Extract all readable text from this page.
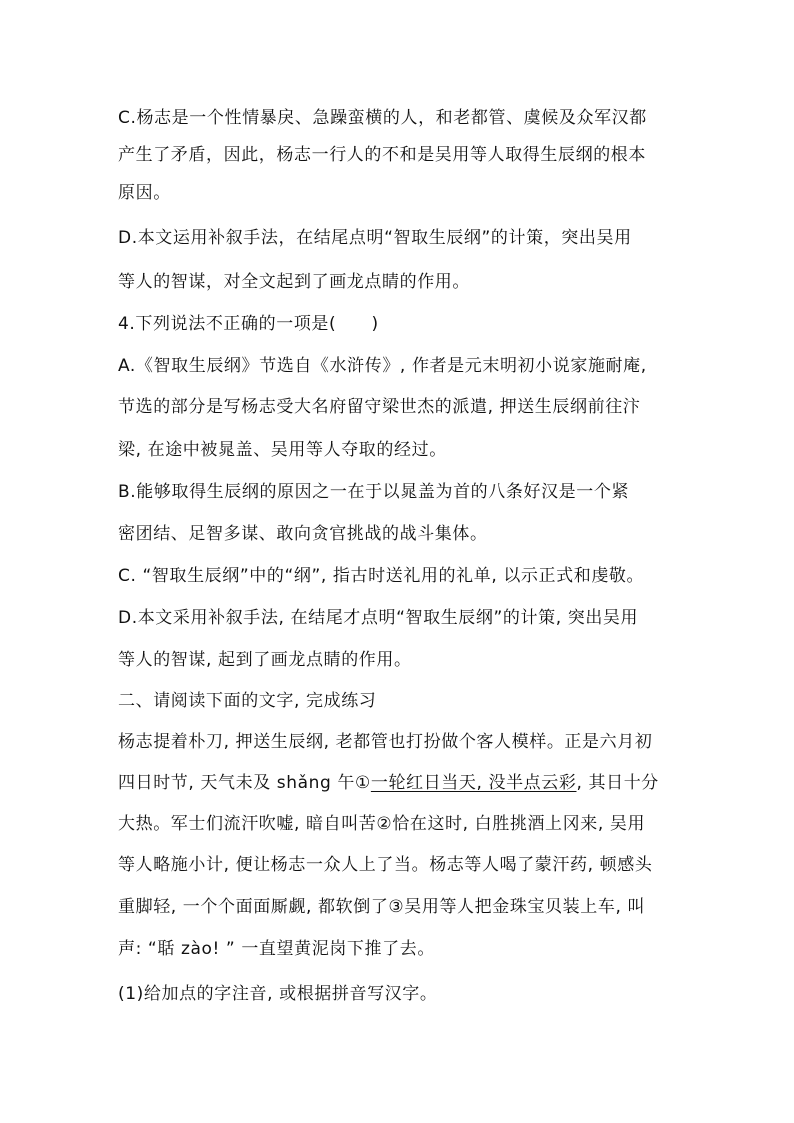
C.杨志是一个性情暴戾、急躁蛮横的人，和老都管、虞候及众军汉都
产生了矛盾，因此，杨志一行人的不和是吴用等人取得生辰纲的根本
原因。
D.本文运用补叙手法，在结尾点明“智取生辰纲”的计策，突出吴用
等人的智谋，对全文起到了画龙点睛的作用。
4.下列说法不正确的一项是(　　)
A.《智取生辰纲》节选自《水浒传》, 作者是元末明初小说家施耐庵,
节选的部分是写杨志受大名府留守梁世杰的派遣, 押送生辰纲前往汴
梁, 在途中被晁盖、吴用等人夺取的经过。
B.能够取得生辰纲的原因之一在于以晁盖为首的八条好汉是一个紧
密团结、足智多谋、敢向贪官挑战的战斗集体。
C. “智取生辰纲”中的“纲”, 指古时送礼用的礼单, 以示正式和虔敬。
D.本文采用补叙手法, 在结尾才点明“智取生辰纲”的计策, 突出吴用
等人的智谋, 起到了画龙点睛的作用。
二、请阅读下面的文字, 完成练习
杨志提着朴刀, 押送生辰纲, 老都管也打扮做个客人模样。正是六月初
四日时节, 天气未及 shǎng 午①一轮红日当天, 没半点云彩, 其日十分
大热。军士们流汗吹嘘, 暗自叫苦②恰在这时, 白胜挑酒上冈来, 吴用
等人略施小计, 便让杨志一众人上了当。杨志等人喝了蒙汗药, 顿感头
重脚轻, 一个个面面厮觑, 都软倒了③吴用等人把金珠宝贝装上车, 叫
声: “聒 zào! ” 一直望黄泥岗下推了去。
(1)给加点的字注音, 或根据拼音写汉字。
